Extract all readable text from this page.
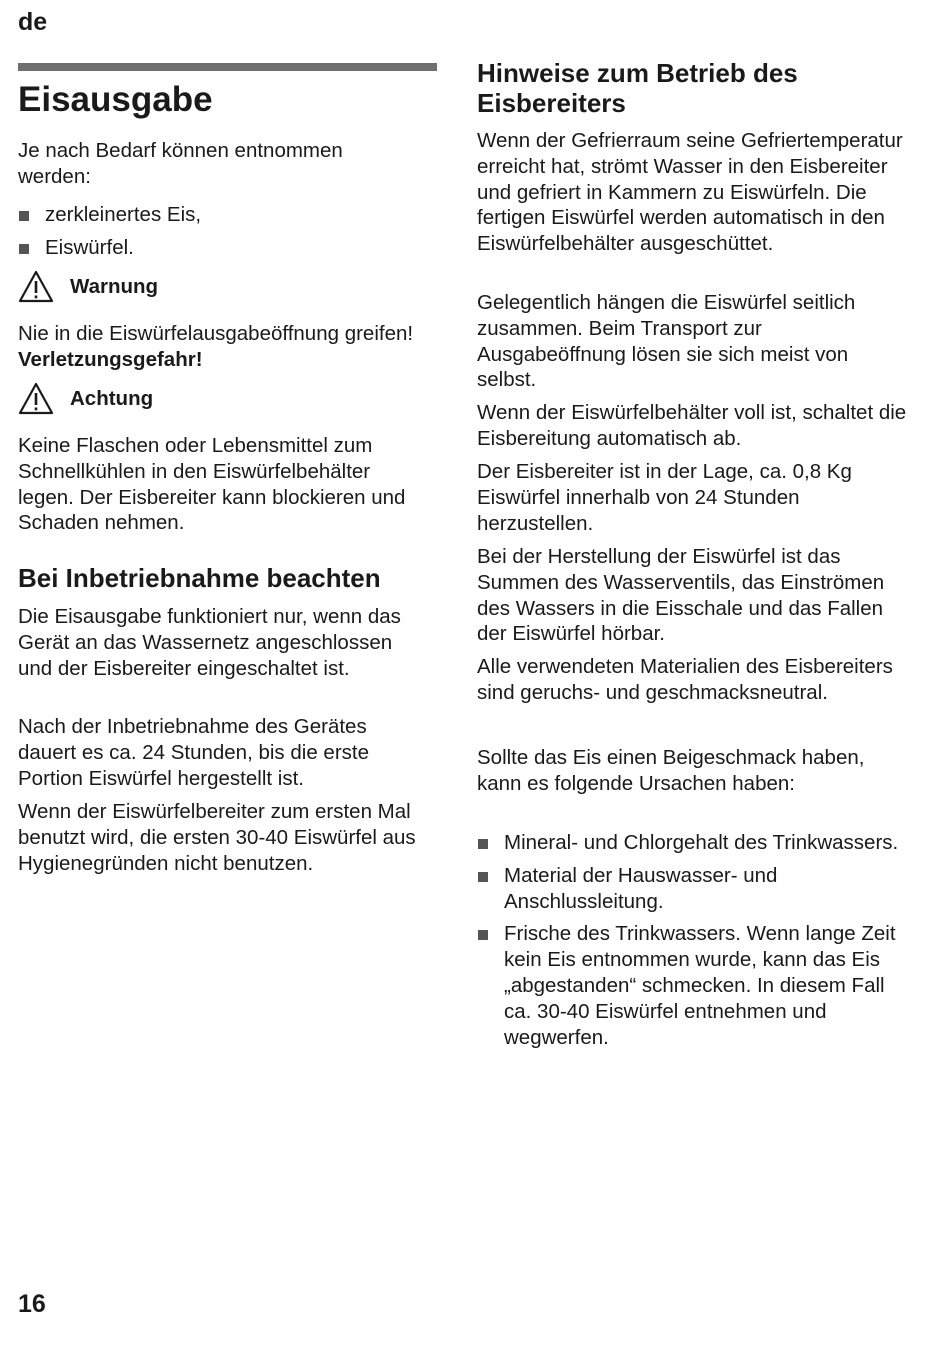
de
Eisausgabe

Je nach Bedarf können entnommen werden:

zerkleinertes Eis,
Eiswürfel.
Warnung

Nie in die Eiswürfelausgabeöffnung greifen! Verletzungsgefahr!

Achtung

Keine Flaschen oder Lebensmittel zum Schnellkühlen in den Eiswürfelbehälter legen. Der Eisbereiter kann blockieren und Schaden nehmen.

Bei Inbetriebnahme beachten

Die Eisausgabe funktioniert nur, wenn das Gerät an das Wassernetz angeschlossen und der Eisbereiter eingeschaltet ist.

Nach der Inbetriebnahme des Gerätes dauert es ca. 24 Stunden, bis die erste Portion Eiswürfel hergestellt ist.

Wenn der Eiswürfelbereiter zum ersten Mal benutzt wird, die ersten 30-40 Eiswürfel aus Hygienegründen nicht benutzen.

Hinweise zum Betrieb des Eisbereiters

Wenn der Gefrierraum seine Gefriertemperatur erreicht hat, strömt Wasser in den Eisbereiter und gefriert in Kammern zu Eiswürfeln. Die fertigen Eiswürfel werden automatisch in den Eiswürfelbehälter ausgeschüttet.

Gelegentlich hängen die Eiswürfel seitlich zusammen. Beim Transport zur Ausgabeöffnung lösen sie sich meist von selbst.

Wenn der Eiswürfelbehälter voll ist, schaltet die Eisbereitung automatisch ab.

Der Eisbereiter ist in der Lage, ca. 0,8 Kg Eiswürfel innerhalb von 24 Stunden herzustellen.

Bei der Herstellung der Eiswürfel ist das Summen des Wasserventils, das Einströmen des Wassers in die Eisschale und das Fallen der Eiswürfel hörbar.

Alle verwendeten Materialien des Eisbereiters sind geruchs- und geschmacksneutral.

Sollte das Eis einen Beigeschmack haben, kann es folgende Ursachen haben:

Mineral- und Chlorgehalt des Trinkwassers.
Material der Hauswasser- und Anschlussleitung.
Frische des Trinkwassers. Wenn lange Zeit kein Eis entnommen wurde, kann das Eis „abgestanden“ schmecken. In diesem Fall ca. 30-40 Eiswürfel entnehmen und wegwerfen.
16
